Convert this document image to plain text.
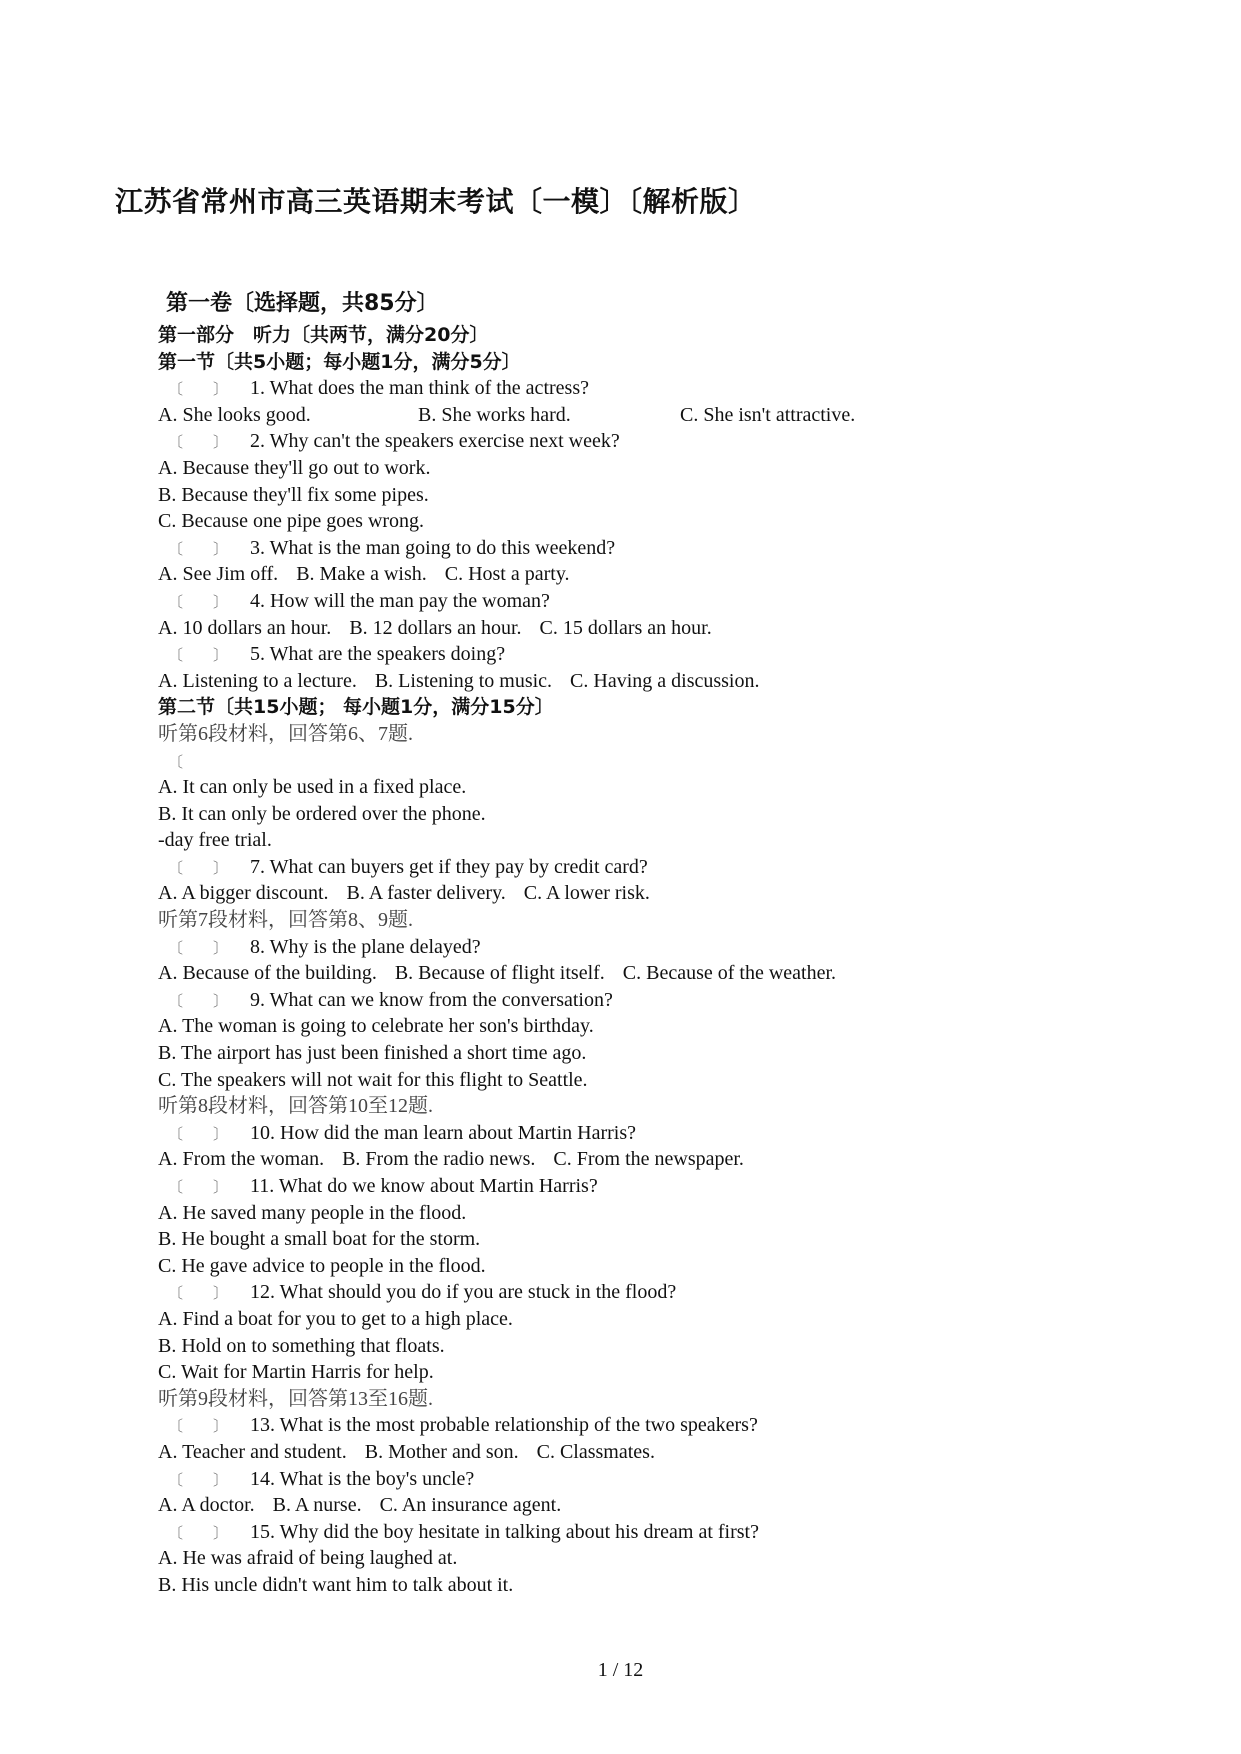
江苏省常州市高三英语期末考试〔一模〕〔解析版〕

第一卷〔选择题，共85分〕

第一部分　听力〔共两节，满分20分〕

第一节〔共5小题；每小题1分，满分5分〕

〔　　〕 1. What does the man think of the actress?

A. She looks good.	B. She works hard.	C. She isn't attractive.

〔　　〕 2. Why can't the speakers exercise next week?

A. Because they'll go out to work.

B. Because they'll fix some pipes.

C. Because one pipe goes wrong.

〔　　〕 3. What is the man going to do this weekend?

A. See Jim off. B. Make a wish. C. Host a party.

〔　　〕 4. How will the man pay the woman?

A. 10 dollars an hour. B. 12 dollars an hour. C. 15 dollars an hour.

〔　　〕 5. What are the speakers doing?

A. Listening to a lecture. B. Listening to music. C. Having a discussion.

第二节〔共15小题； 每小题1分，满分15分〕

听第6段材料，回答第6、7题.

〔

A. It can only be used in a fixed place.

B. It can only be ordered over the phone.

-day free trial.

〔　　〕 7. What can buyers get if they pay by credit card?

A. A bigger discount. B. A faster delivery. C. A lower risk.

听第7段材料，回答第8、9题.

〔　　〕 8. Why is the plane delayed?

A. Because of the building. B. Because of flight itself. C. Because of the weather.

〔　　〕 9. What can we know from the conversation?

A. The woman is going to celebrate her son's birthday.

B. The airport has just been finished a short time ago.

C. The speakers will not wait for this flight to Seattle.

听第8段材料，回答第10至12题.

〔　　〕 10. How did the man learn about Martin Harris?

A. From the woman. B. From the radio news. C. From the newspaper.

〔　　〕 11. What do we know about Martin Harris?

A. He saved many people in the flood.

B. He bought a small boat for the storm.

C. He gave advice to people in the flood.

〔　　〕 12. What should you do if you are stuck in the flood?

A. Find a boat for you to get to a high place.

B. Hold on to something that floats.

C. Wait for Martin Harris for help.

听第9段材料，回答第13至16题.

〔　　〕 13. What is the most probable relationship of the two speakers?

A. Teacher and student. B. Mother and son. C. Classmates.

〔　　〕 14. What is the boy's uncle?

A. A doctor. B. A nurse. C. An insurance agent.

〔　　〕 15. Why did the boy hesitate in talking about his dream at first?

A. He was afraid of being laughed at.

B. His uncle didn't want him to talk about it.

1 / 12
